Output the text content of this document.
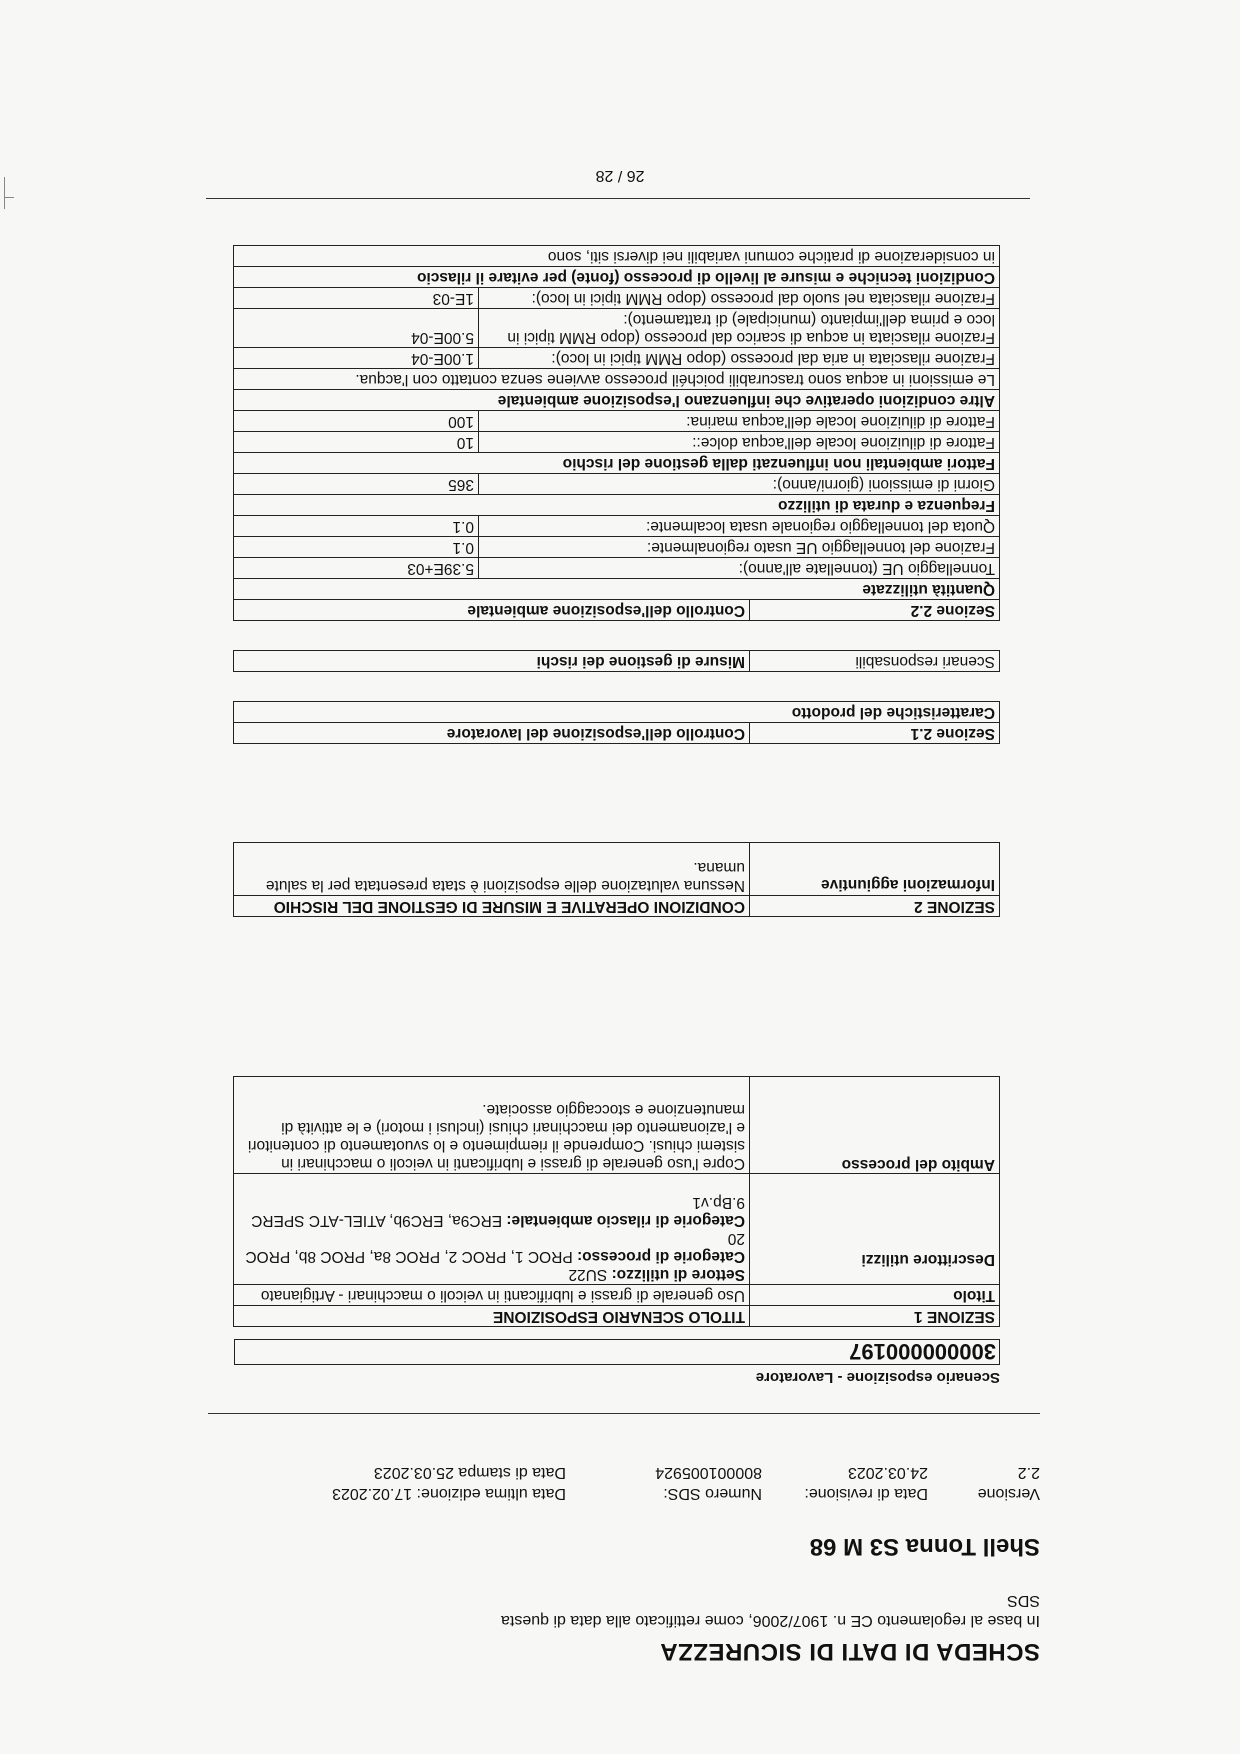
SCHEDA DI DATI DI SICUREZZA
In base al regolamento CE n. 1907/2006, come rettificato alla data di questa
SDS
Shell Tonna S3 M 68
Versione
2.2
Data di revisione:
24.03.2023
Numero SDS:
800001005924
Data ultima edizione: 17.02.2023
Data di stampa 25.03.2023
Scenario esposizione - Lavoratore
300000000197
SEZIONE 1	TITOLO SCENARIO ESPOSIZIONE
Titolo	Uso generale di grassi e lubrificanti in veicoli o macchinari - Artigianato
Descrittore utilizzi	Settore di utilizzo: SU22
Categorie di processo: PROC 1, PROC 2, PROC 8a, PROC 8b, PROC 20
Categorie di rilascio ambientale: ERC9a, ERC9b, ATIEL-ATC SPERC 9.Bp.v1

Ambito del processo	Copre l'uso generale di grassi e lubrificanti in veicoli o macchinari in sistemi chiusi. Comprende il riempimento e lo svuotamento di contenitori e l'azionamento dei macchinari chiusi (inclusi i motori) e le attività di manutenzione e stoccaggio associate.
SEZIONE 2	CONDIZIONI OPERATIVE E MISURE DI GESTIONE DEL RISCHIO
Informazioni aggiuntive	Nessuna valutazione delle esposizioni è stata presentata per la salute umana.
Sezione 2.1	Controllo dell'esposizione del lavoratore
Caratteristiche del prodotto
Scenari responsabili	Misure di gestione dei rischi
Sezione 2.2	Controllo dell'esposizione ambientale	
Quantità utilizzate		
Tonnellaggio UE (tonnellate all'anno):		5.39E+03
Frazione del tonnellaggio UE usato regionalmente:		0.1
Quota del tonnellaggio regionale usata localmente:		0.1
Frequenza e durata di utilizzo		
Giorni di emissioni (giorni/anno):		365
Fattori ambientali non influenzati dalla gestione del rischio		
Fattore di diluizione locale dell'acqua dolce::		10
Fattore di diluizione locale dell'acqua marina:		100
Altre condizioni operative che influenzano l'esposizione ambientale		
Le emissioni in acqua sono trascurabili poichéil processo avviene senza contatto con l'acqua.		
Frazione rilasciata in aria dal processo (dopo RMM tipici in loco):		1.00E-04
Frazione rilasciata in acqua di scarico dal processo (dopo RMM tipici in loco e prima dell'impianto (municipale) di trattamento):		5.00E-04
Frazione rilasciata nel suolo dal processo (dopo RMM tipici in loco):		1E-03
Condizioni tecniche e misure al livello di processo (fonte) per evitare il rilascio		
in considerazione di pratiche comuni variabili nei diversi siti, sono		
26 / 28
